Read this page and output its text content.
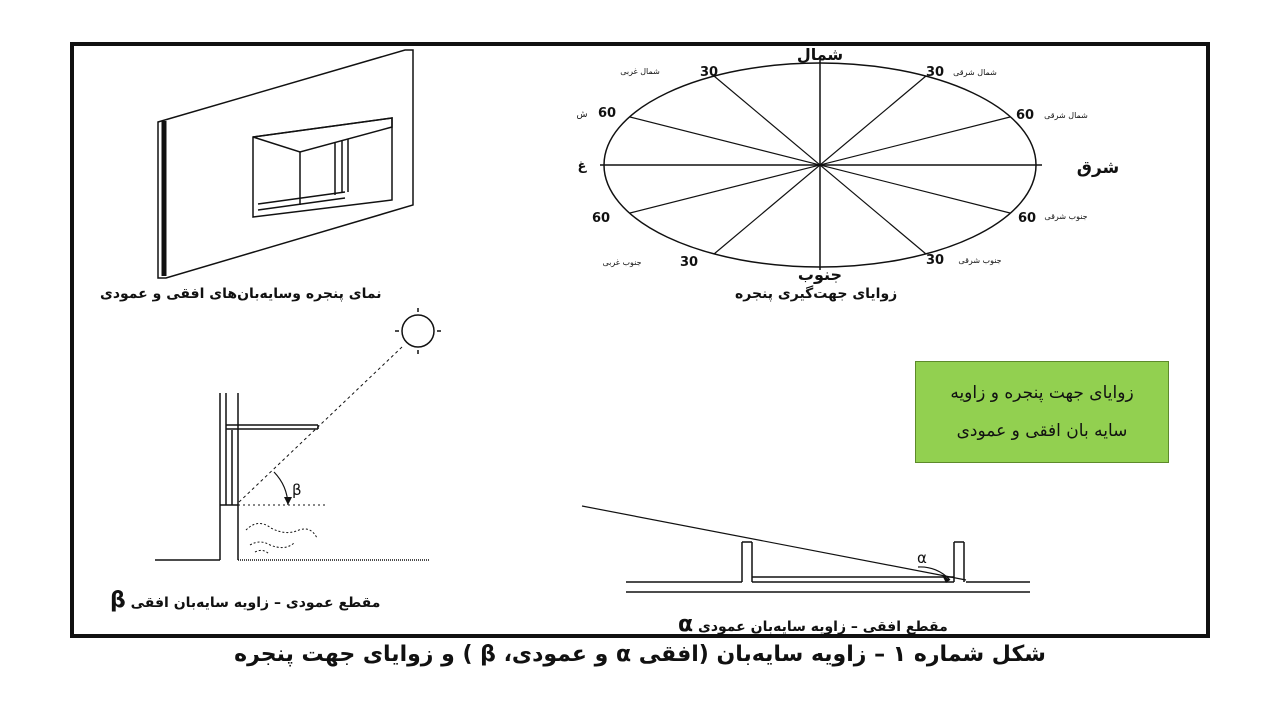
شمال
جنوب
شرق
غ
30
شمال غربی	30 شمال شرقی
60
ش	60 شمال شرقی
60	60 جنوب شرقی
30
جنوب غربی	30 جنوب شرقی
β
α
نمای پنجره وسایه‌بان‌های افقی و عمودی	زوایای جهت‌گیری پنجره
مقطع عمودی – زاویه سایه‌بان افقی β
مقطع افقی – زاویه سایه‌بان عمودی α
زوایای جهت پنجره و زاویه
سایه بان افقی و عمودی
شکل شماره ۱ – زاویه سایه‌بان (افقی α و عمودی، β ) و زوایای جهت پنجره
